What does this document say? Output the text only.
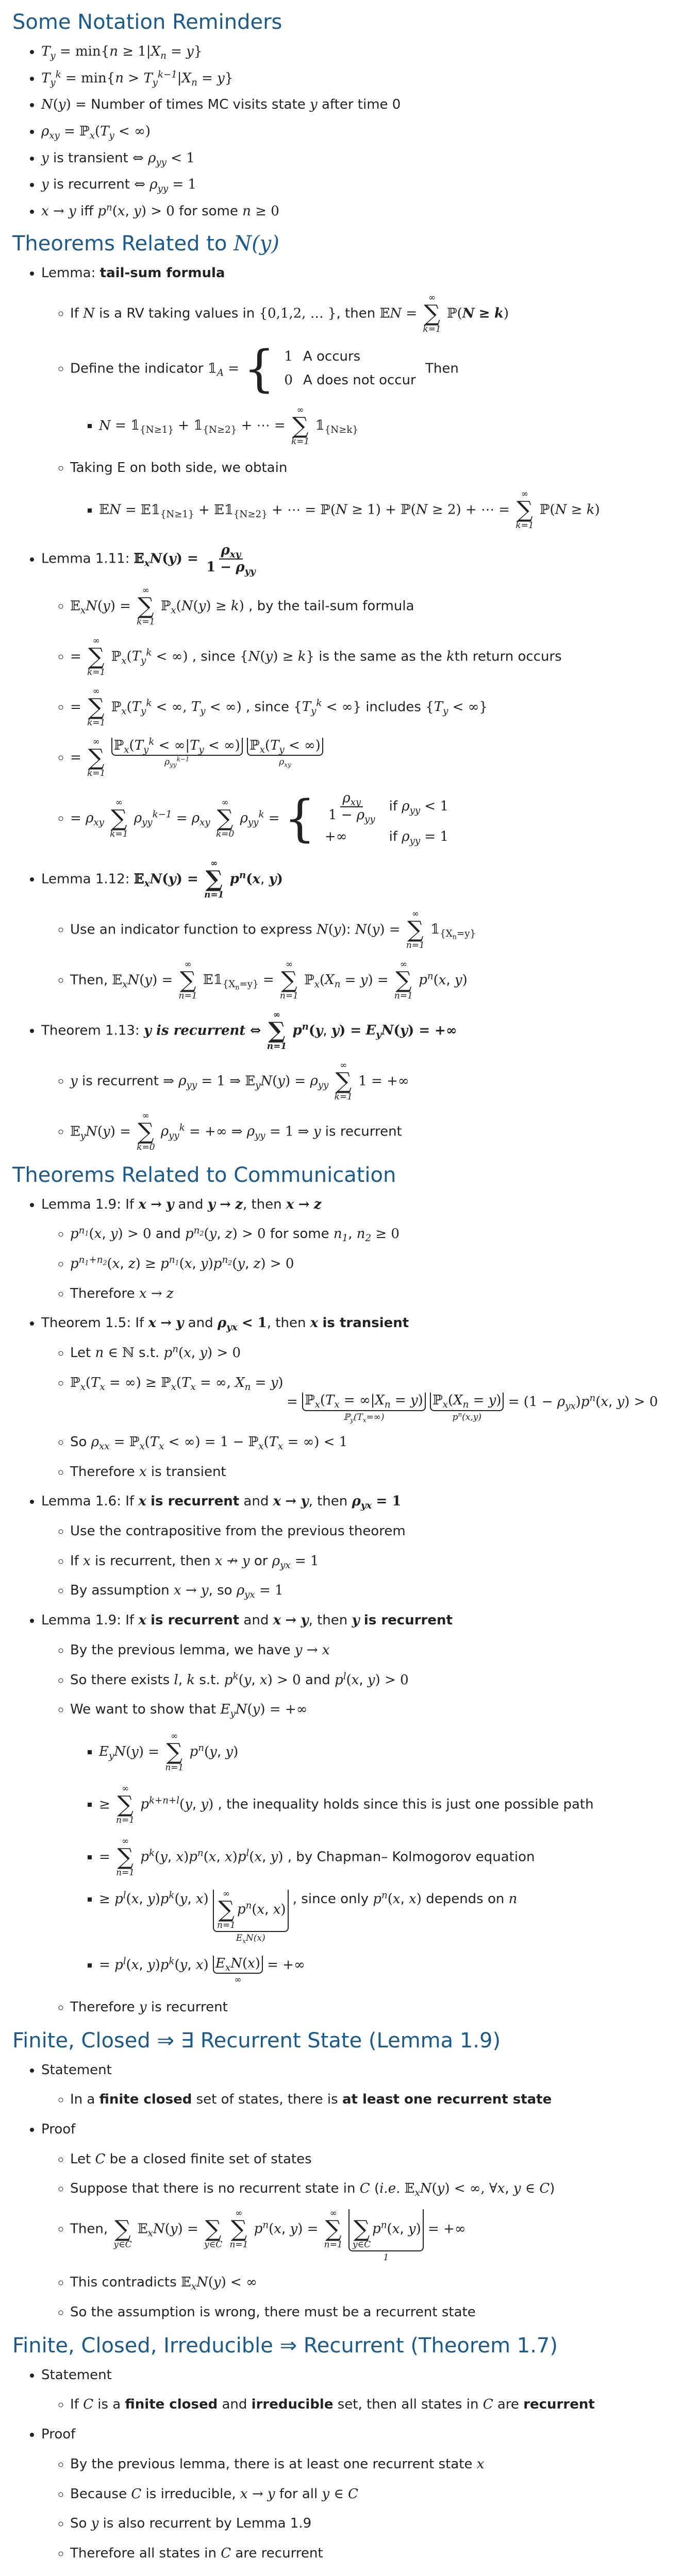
Some Notation Reminders
• $T_y = \min\{n \ge 1|X_n = y\}$
• $T_y^k = \min\{n > T_y^{k-1}|X_n = y\}$
• N(y) = Number of times MC visits state y after time 0
• $\rho_{xy}$ = $ℙ_x(T_y$ < ∞)
• y is transient ⇔ $\rho_{yy} < 1$
• y is recurrent ⇔ $\rho_{yy} = 1$
• x → y iff $p^n(x$, y) > 0 for some n ≥ 0
Theorems Related to N(y)
• Lemma: tail-sum formula
◦ If N is a RV taking values in {0,1,2, … }, then 𝔼N =
∞
∑
k=1
ℙ(N ≥ k)
◦ Define the indicator $𝟙_A$ = { 1	A occurs
0	A does not occur
Then
▪ $N = 𝟙_{\{N\ge 1\}}$ + $𝟙_{\{N\ge 2\}}$ + ⋯ =
∞
∑
k=1
$𝟙_{\{N\ge k\}}$
◦ Taking E on both side, we obtain
▪ 𝔼N = $𝔼𝟙_{\{N\ge 1\}}$ + $𝔼𝟙_{\{N\ge 2\}}$ + ⋯ = ℙ(N ≥ 1) + ℙ(N ≥ 2) + ⋯ =
∞
∑
k=1
ℙ(N ≥ k)
• Lemma 1.11: 𝔼$_x$N(y) = $\frac{\rho_{xy}}{1 - \rho_{yy}}$
◦ 𝔼$_x$N(y) =
∞
∑
k=1
ℙ$_x$(N(y) ≥ k) , by the tail-sum formula
◦ =
∞
∑
k=1
$ℙ_x(T_y^k$ < ∞) , since {N(y) ≥ k} is the same as the kth return occurs
◦ =
∞
∑
k=1
$ℙ_x(T_y^k$ < ∞, $T_y$ < ∞) , since {$T_y^k$ < ∞} includes {$T_y$ < ∞}
◦ =
∞
∑
k=1

$ℙ_x(T_y^k < \infty|T_y$ < ∞)
$\rho_{yy}^{k-1}$

$ℙ_x(T_y$ < ∞)
$\rho_{xy}$
◦ = $\rho_{xy}$
∞
∑
k=1
$\rho_{yy}^{k-1} = \rho_{xy}$
∞
∑
k=0
$\rho_{yy}^k$ = { $\frac{\rho_{xy}}{1 - \rho_{yy}}$	if $\rho_{yy} < 1$
+∞	if $\rho_{yy} = 1$
• Lemma 1.12: 𝔼$_x$N(y) =
∞
∑
n=1
$p^n(x$, y)
◦ Use an indicator function to express N(y): N(y) =
∞
∑
n=1
$𝟙_{\{X_n=y\}}$
◦ Then, 𝔼$_x$N(y) =
∞
∑
n=1
$𝔼𝟙_{\{X_n=y\}}$ =
∞
∑
n=1
$ℙ_x(X_n = y)$ =
∞
∑
n=1
$p^n(x$, y)
• Theorem 1.13: y is recurrent ⇔
∞
∑
n=1
$p^n(y$, $y) = E_yN(y)$ = +∞
◦ y is recurrent ⇒ $\rho_{yy} = 1$ ⇒ 𝔼$_y$N(y) = $\rho_{yy}$
∞
∑
k=1
1 = +∞
◦ 𝔼$_y$N(y) =
∞
∑
k=0
$\rho_{yy}^k$ = +∞ ⇒ $\rho_{yy} = 1$ ⇒ y is recurrent
Theorems Related to Communication
• Lemma 1.9: If x → y and y → z, then x → z
◦ $p^{n_1}(x$, y) > 0 and $p^{n_2}(y$, z) > 0 for some $n_1$, $n_2 \ge 0$
◦ $p^{n_1+n_2}(x$, $z) \ge p^{n_1}(x$, $y)p^{n_2}(y$, z) > 0
◦ Therefore x → z
• Theorem 1.5: If x → y and $\rho_{yx} < 1$, then x is transient
◦ Let n ∈ ℕ s.t. $p^n(x$, y) > 0
◦ $ℙ_x(T_x$ = ∞) ≥ $ℙ_x(T_x$ = ∞, $X_n = y$)
= $ℙ_x(T_x = \infty|X_n = y)$
$ℙ_y(T_x=\infty)$

$ℙ_x(X_n = y)$
$p^n(x,y)$
= $(1 - \rho_{yx})p^n(x$, y) > 0
◦ So $\rho_{xx}$ = $ℙ_x(T_x$ < ∞) = $1 - ℙ_x(T_x$ = ∞) < 1
◦ Therefore x is transient
• Lemma 1.6: If x is recurrent and x → y, then $\rho_{yx} = 1$
◦ Use the contrapositive from the previous theorem
◦ If x is recurrent, then x ↛ y or $\rho_{yx} = 1$
◦ By assumption x → y, so $\rho_{yx} = 1$
• Lemma 1.9: If x is recurrent and x → y, then y is recurrent
◦ By the previous lemma, we have y → x
◦ So there exists l, k s.t. $p^k(y$, x) > 0 and $p^l(x$, y) > 0
◦ We want to show that $E_yN(y)$ = +∞
▪ $E_yN(y)$ =
∞
∑
n=1
$p^n(y$, y)
▪ ≥
∞
∑
n=1
$p^{k+n+l}(y$, y) , the inequality holds since this is just one possible path
▪ =
∞
∑
n=1
$p^k(y$, $x)p^n(x$, $x)p^l(x$, y) , by Chapman– Kolmogorov equation
▪ ≥ $p^l(x$, $y)p^k(y$, x) ∞
∑
n=1
$p^n(x$, x)
$E_xN(x)$
, since only $p^n(x$, x) depends on n
▪ = $p^l(x$, $y)p^k(y$, x) $E_xN(x)$
∞
= +∞
◦ Therefore y is recurrent
Finite, Closed ⇒ ∃ Recurrent State (Lemma 1.9)
• Statement
◦ In a finite closed set of states, there is at least one recurrent state
• Proof
◦ Let C be a closed finite set of states
◦ Suppose that there is no recurrent state in C (i.e. 𝔼$_x$N(y) < ∞, ∀x, y ∈ C)
◦ Then,
∑
y∈C
𝔼$_x$N(y) =
∑
y∈C

∞
∑
n=1
$p^n(x$, y) =
∞
∑
n=1

∑
y∈C
$p^n(x$, y)
1
= +∞
◦ This contradicts 𝔼$_x$N(y) < ∞
◦ So the assumption is wrong, there must be a recurrent state
Finite, Closed, Irreducible ⇒ Recurrent (Theorem 1.7)
• Statement
◦ If C is a finite closed and irreducible set, then all states in C are recurrent
• Proof
◦ By the previous lemma, there is at least one recurrent state x
◦ Because C is irreducible, x → y for all y ∈ C
◦ So y is also recurrent by Lemma 1.9
◦ Therefore all states in C are recurrent
